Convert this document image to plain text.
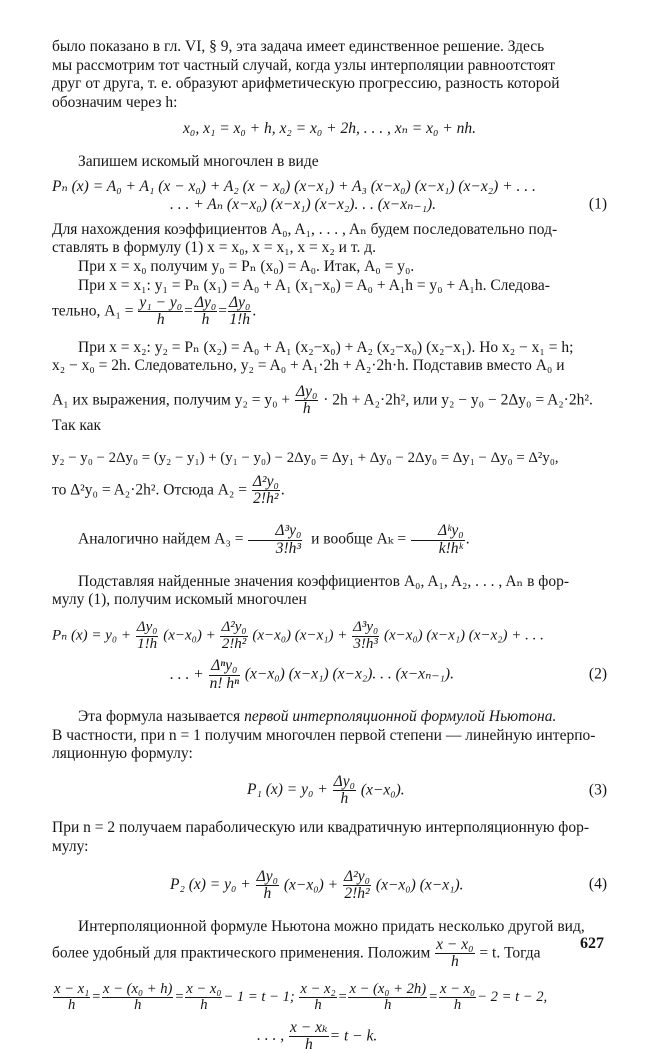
было показано в гл. VI, § 9, эта задача имеет единственное решение. Здесь

мы рассмотрим тот частный случай, когда узлы интерполяции равноотстоят

друг от друга, т. е. образуют арифметическую прогрессию, разность которой

обозначим через h:

x₀, x₁ = x₀ + h, x₂ = x₀ + 2h, . . . , xₙ = x₀ + nh.

Запишем искомый многочлен в виде

Pₙ (x) = A₀ + A₁ (x − x₀) + A₂ (x − x₀) (x−x₁) + A₃ (x−x₀) (x−x₁) (x−x₂) + . . .

. . . + Aₙ (x−x₀) (x−x₁) (x−x₂). . . (x−xₙ₋₁).	(1)

Для нахождения коэффициентов A₀, A₁, . . . , Aₙ будем последовательно под-

ставлять в формулу (1) x = x₀, x = x₁, x = x₂ и т. д.

При x = x₀ получим y₀ = Pₙ (x₀) = A₀. Итак, A₀ = y₀.

При x = x₁: y₁ = Pₙ (x₁) = A₀ + A₁ (x₁−x₀) = A₀ + A₁h = y₀ + A₁h. Следова-

тельно, $A_1 = \frac{\text{y₁ − y₀}}{h} = \frac{\text{Δy₀}}{h} = \frac{\text{Δy₀}}{1!h}$ .

При x = x₂: y₂ = Pₙ (x₂) = A₀ + A₁ (x₂−x₀) + A₂ (x₂−x₀) (x₂−x₁). Но x₂ − x₁ = h;

x₂ − x₀ = 2h. Следовательно, y₂ = A₀ + A₁·2h + A₂·2h·h. Подставив вместо A₀ и

A₁ их выражения, получим $y_2 = y_0 + \frac{\text{Δy₀}}{h} \cdot 2h + A_2\cdot 2h^2$, или y₂ − y₀ − 2Δy₀ = A₂·2h².

Так как

y₂ − y₀ − 2Δy₀ = (y₂ − y₁) + (y₁ − y₀) − 2Δy₀ = Δy₁ + Δy₀ − 2Δy₀ = Δy₁ − Δy₀ = Δ²y₀,

то Δ²y₀ = A₂·2h². Отсюда $A_2 = \frac{\text{Δ²y₀}}{\text{2!h²}}$ .

Аналогично найдем $A_3 = \frac{\text{Δ³y₀}}{\text{3!h³}}$ и вообще $A_k = \frac{\text{Δᵏy₀}}{\text{k!hᵏ}}$ .

Подставляя найденные значения коэффициентов A₀, A₁, A₂, . . . , Aₙ в фор-

мулу (1), получим искомый многочлен

Pₙ $(x) = y_0 + \frac{\text{Δy₀}}{1!h} (x-x_0) + \frac{\text{Δ²y₀}}{\text{2!h²}} (x-x_0) (x-x_1) + \frac{\text{Δ³y₀}}{\text{3!h³}} (x-x_0)$ (x−x₁) (x−x₂) + . . .

. . . + $\frac{\text{Δⁿy₀}}{\text{n! hⁿ}} (x-x_0)$ (x−x₁) (x−x₂). . . (x−xₙ₋₁).	(2)

Эта формула называется первой интерполяционной формулой Ньютона.

В частности, при n = 1 получим многочлен первой степени — линейную интерпо-

ляционную формулу:

P₁ $(x) = y_0 + \frac{\text{Δy₀}}{h} (x-x_0)$.	(3)

При n = 2 получаем параболическую или квадратичную интерполяционную фор-

мулу:

P₂ $(x) = y_0 + \frac{\text{Δy₀}}{h} (x-x_0) + \frac{\text{Δ²y₀}}{\text{2!h²}} (x-x_0)$ (x−x₁).	(4)

Интерполяционной формуле Ньютона можно придать несколько другой вид,

более удобный для практического применения. Положим $\frac{\text{x − x₀}}{h} = t$. Тогда

$\frac{\text{x − x₁}}{h} = \frac{\text{x − (x₀ + h)}}{h} = \frac{\text{x − x₀}}{h} - 1 = t - 1$; $\frac{\text{x − x₂}}{h} = \frac{\text{x − (x₀ + 2h)}}{h} = \frac{\text{x − x₀}}{h} - 2 = t - 2$,

. . . , $\frac{\text{x − xₖ}}{h} = t - k$.

627
